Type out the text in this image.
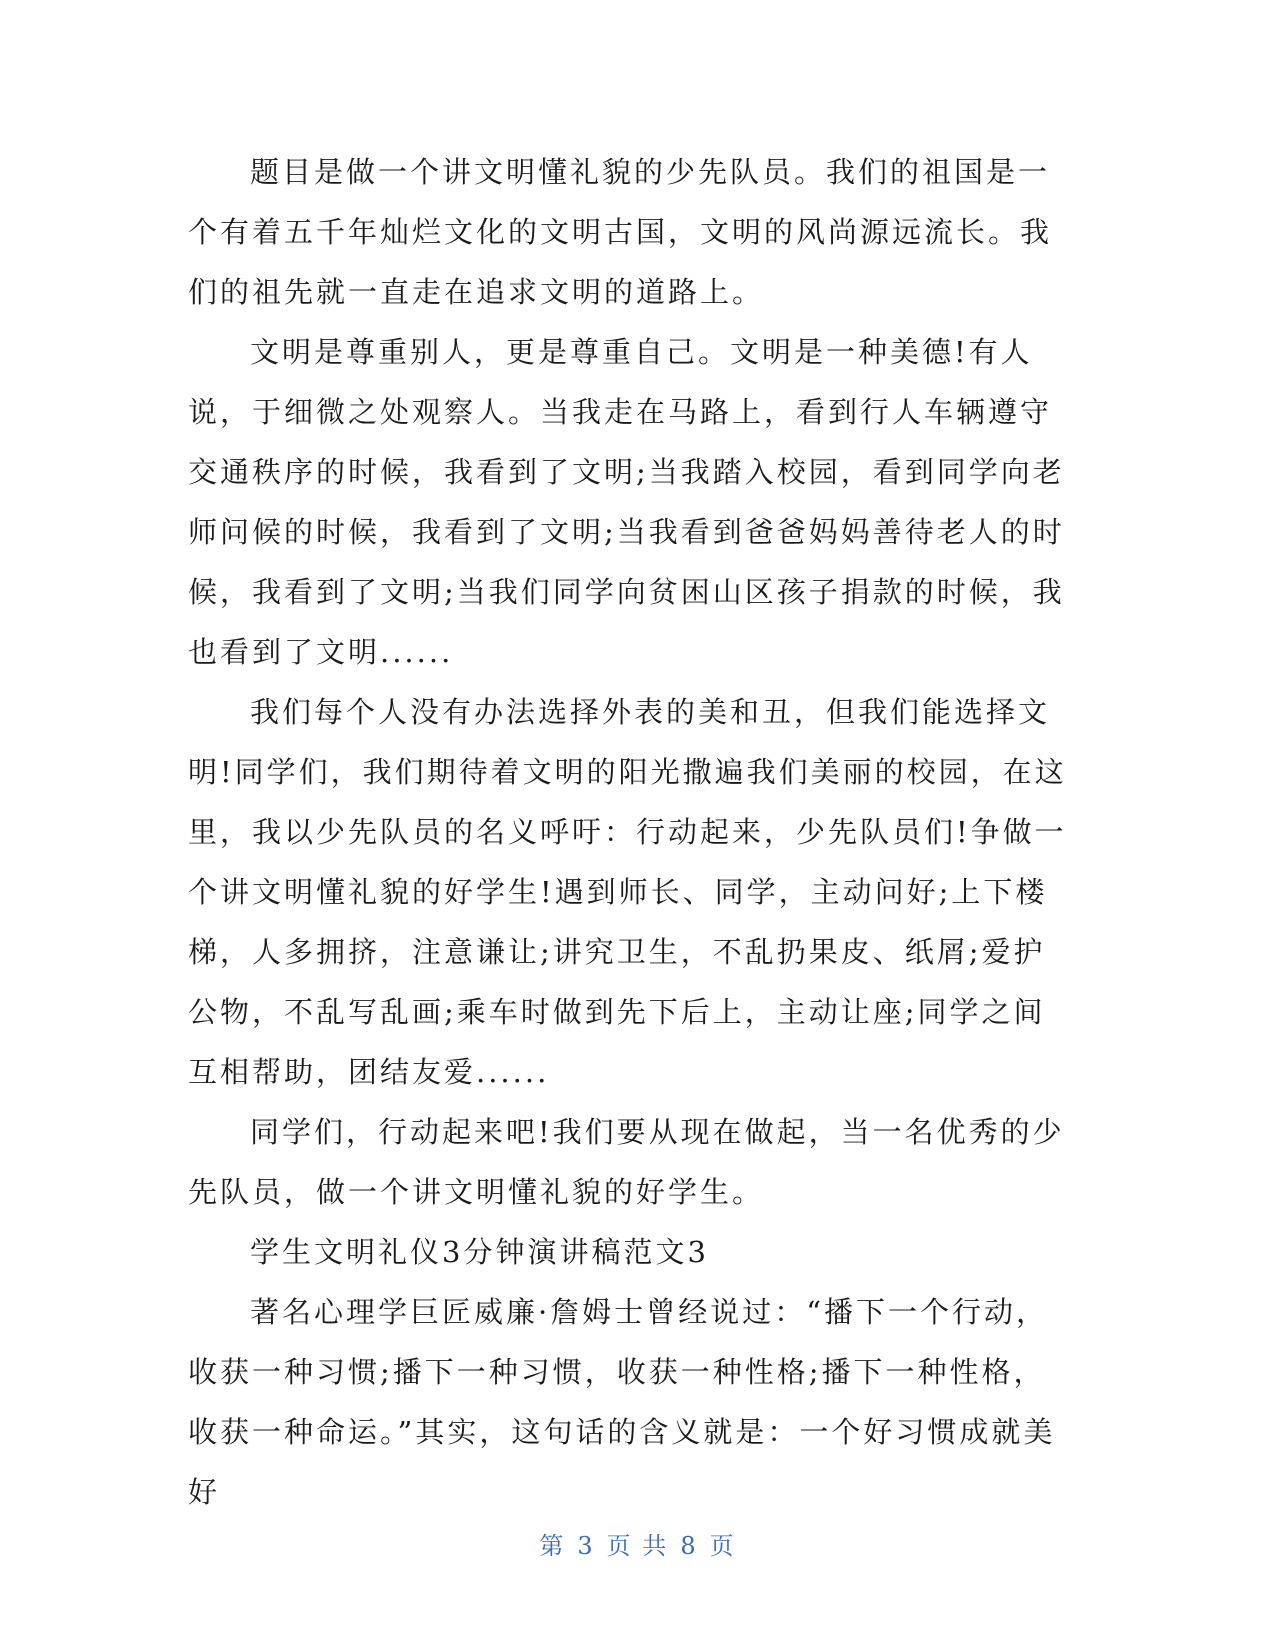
题目是做一个讲文明懂礼貌的少先队员。我们的祖国是一个有着五千年灿烂文化的文明古国，文明的风尚源远流长。我们的祖先就一直走在追求文明的道路上。

文明是尊重别人，更是尊重自己。文明是一种美德!有人说，于细微之处观察人。当我走在马路上，看到行人车辆遵守交通秩序的时候，我看到了文明;当我踏入校园，看到同学向老师问候的时候，我看到了文明;当我看到爸爸妈妈善待老人的时候，我看到了文明;当我们同学向贫困山区孩子捐款的时候，我也看到了文明......

我们每个人没有办法选择外表的美和丑，但我们能选择文明!同学们，我们期待着文明的阳光撒遍我们美丽的校园，在这里，我以少先队员的名义呼吁：行动起来，少先队员们!争做一个讲文明懂礼貌的好学生!遇到师长、同学，主动问好;上下楼梯，人多拥挤，注意谦让;讲究卫生，不乱扔果皮、纸屑;爱护公物，不乱写乱画;乘车时做到先下后上，主动让座;同学之间互相帮助，团结友爱......

同学们，行动起来吧!我们要从现在做起，当一名优秀的少先队员，做一个讲文明懂礼貌的好学生。

学生文明礼仪3分钟演讲稿范文3

著名心理学巨匠威廉·詹姆士曾经说过：“播下一个行动，收获一种习惯;播下一种习惯，收获一种性格;播下一种性格，收获一种命运。”其实，这句话的含义就是：一个好习惯成就美好

第 3 页 共 8 页
